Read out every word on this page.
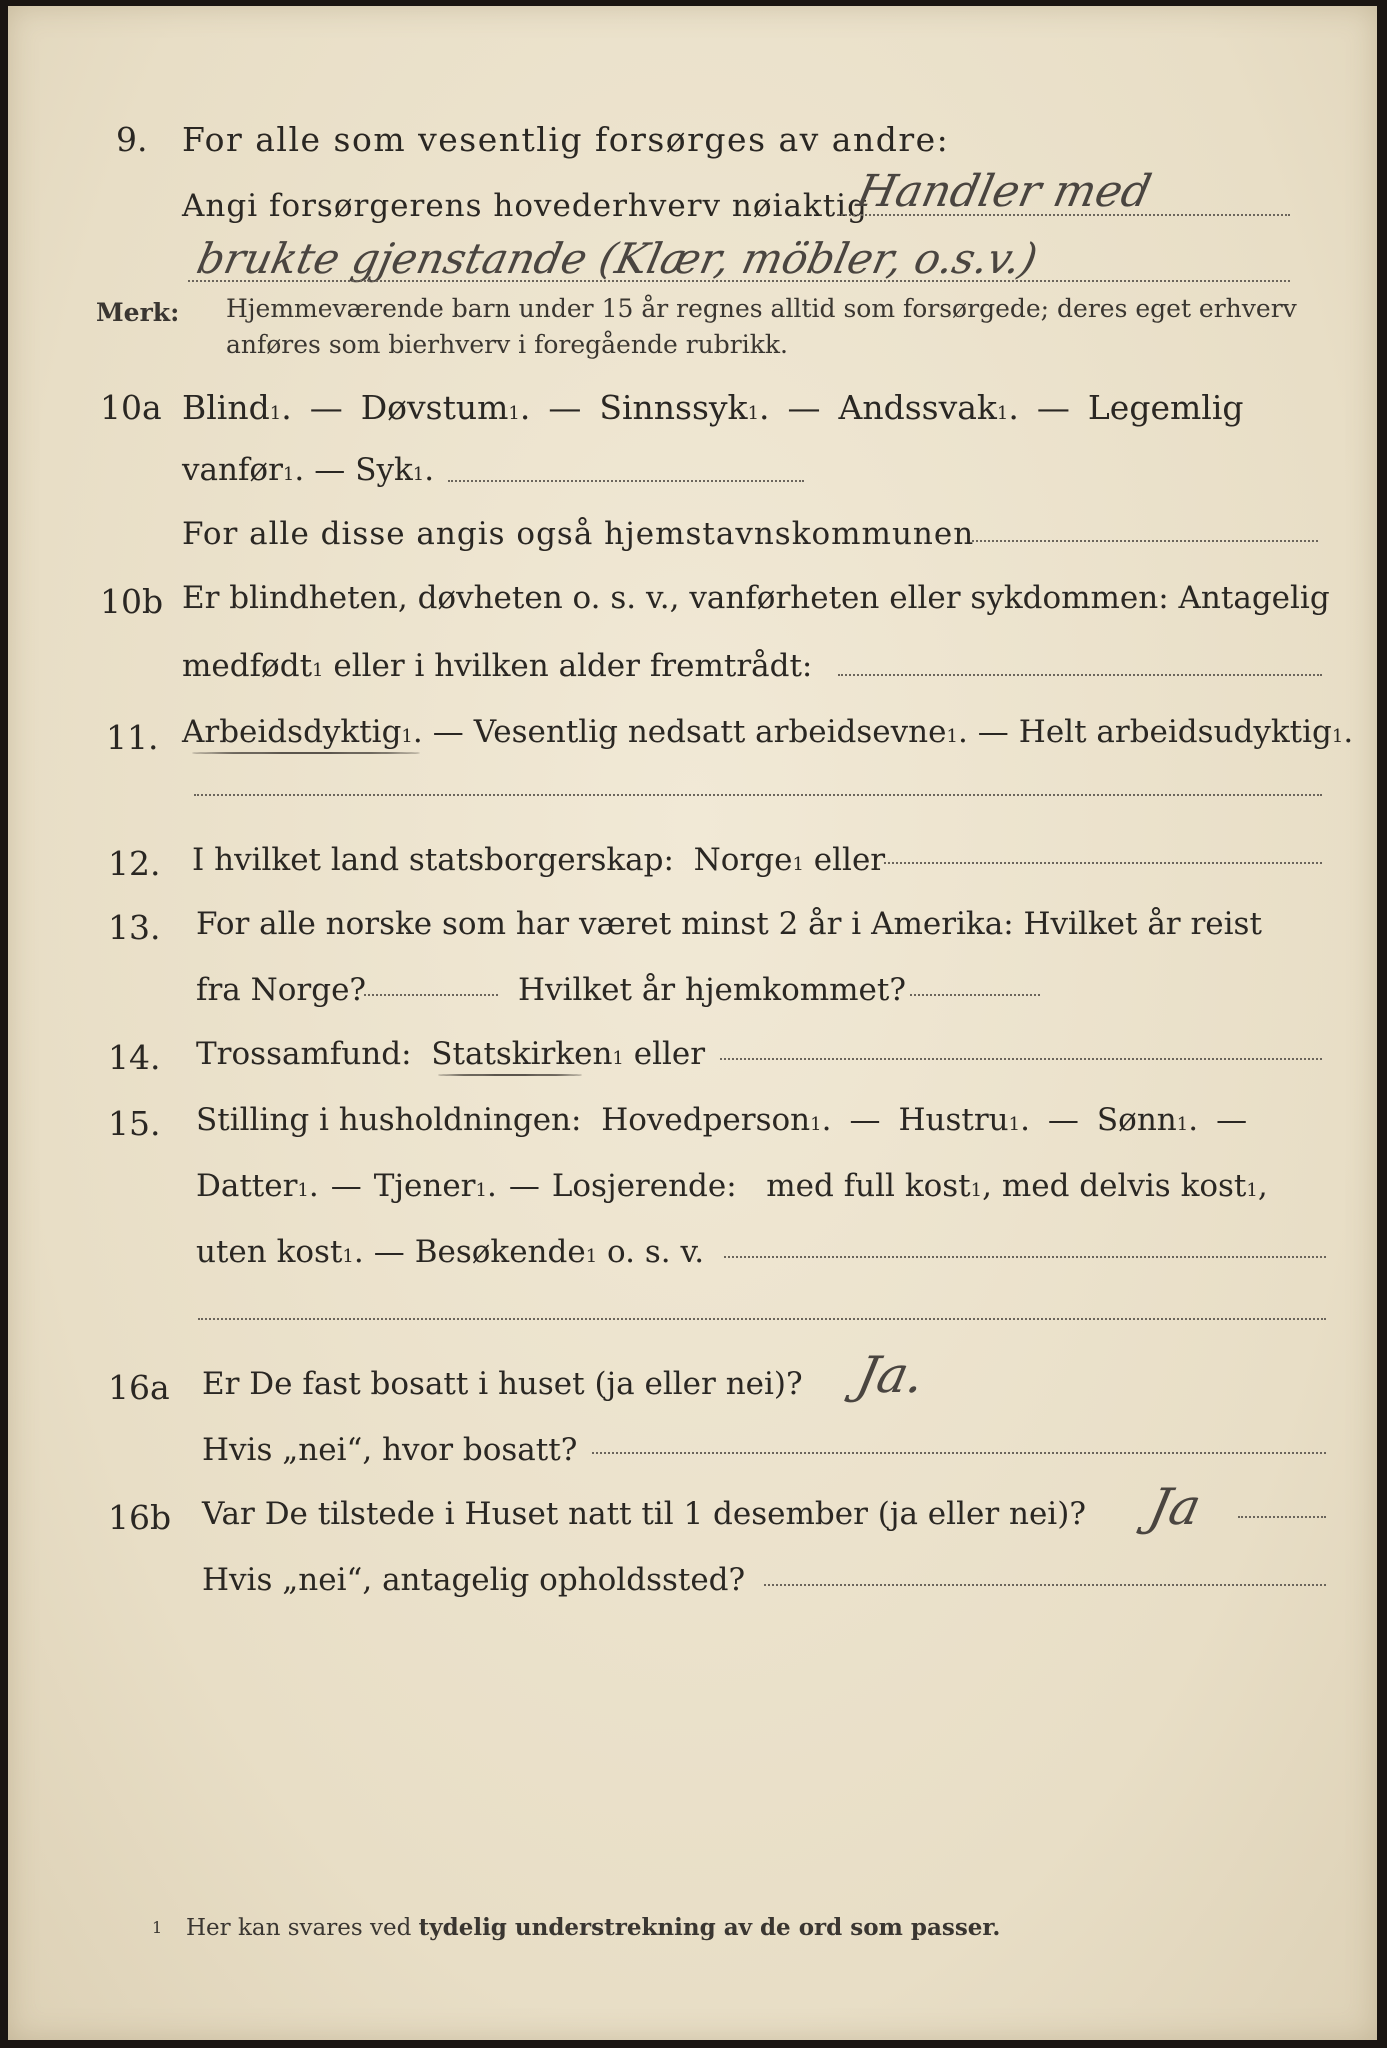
9. For alle som vesentlig forsørges av andre:
Angi forsørgerens hovederhverv nøiaktig
Handler med
brukte gjenstande (Klær, möbler, o.s.v.)
Merk: Hjemmeværende barn under 15 år regnes alltid som forsørgede; deres eget erhverv
anføres som bierhverv i foregående rubrikk.
10a Blind 1 . — Døvstum 1 . — Sinnssyk 1 . — Andssvak 1 . — Legemlig
vanfør 1 . — Syk 1 .
For alle disse angis også hjemstavnskommunen
10b Er blindheten, døvheten o. s. v., vanførheten eller sykdommen: Antagelig
medfødt 1
eller i hvilken alder fremtrådt:
11. Arbeidsdyktig 1 . — Vesentlig nedsatt arbeidsevne 1 . — Helt arbeidsudyktig 1 .
12. I hvilket land statsborgerskap:
Norge 1
eller
13. For alle norske som har været minst 2 år i Amerika: Hvilket år reist
fra Norge?	Hvilket år hjemkommet?
14. Trossamfund:
Statskirken 1
eller
15. Stilling i husholdningen:
Hovedperson 1 . — Hustru 1 . — Sønn 1 . —
Datter 1 . — Tjener 1 . — Losjerende:
med full kost 1 , med delvis kost 1 ,
uten kost 1 . — Besøkende 1
o. s. v.
16a Er De fast bosatt i huset (ja eller nei)? Ja.
Hvis „nei“, hvor bosatt?
16b Var De tilstede i Huset natt til 1 desember (ja eller nei)? Ja
Hvis „nei“, antagelig opholdssted?
1 Her kan svares ved tydelig understrekning av de ord som passer.
